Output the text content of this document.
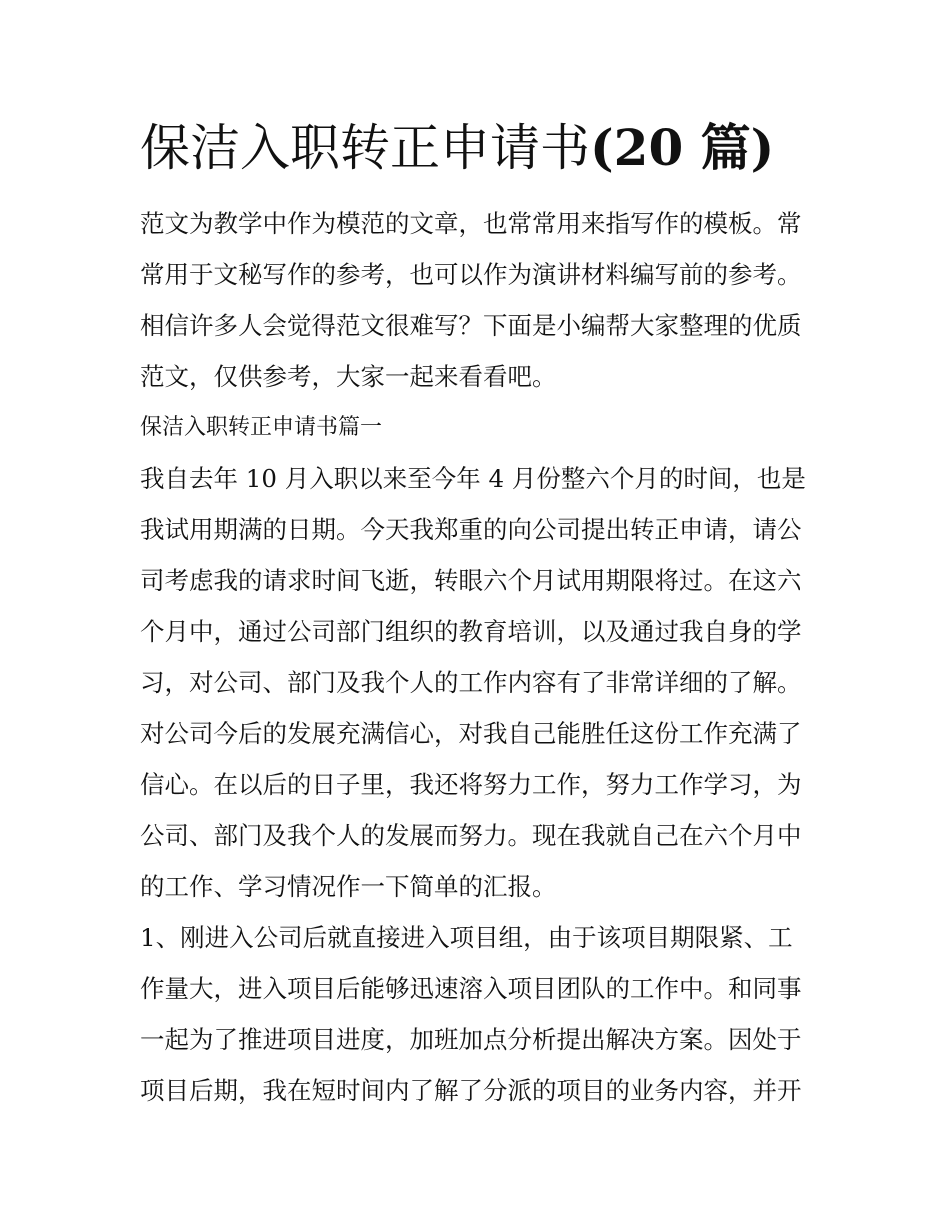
保洁入职转正申请书(20 篇)
范文为教学中作为模范的文章，也常常用来指写作的模板。常
常用于文秘写作的参考，也可以作为演讲材料编写前的参考。
相信许多人会觉得范文很难写？下面是小编帮大家整理的优质
范文，仅供参考，大家一起来看看吧。
保洁入职转正申请书篇一
我自去年 10 月入职以来至今年 4 月份整六个月的时间，也是
我试用期满的日期。今天我郑重的向公司提出转正申请，请公
司考虑我的请求时间飞逝，转眼六个月试用期限将过。在这六
个月中，通过公司部门组织的教育培训，以及通过我自身的学
习，对公司、部门及我个人的工作内容有了非常详细的了解。
对公司今后的发展充满信心，对我自己能胜任这份工作充满了
信心。在以后的日子里，我还将努力工作，努力工作学习，为
公司、部门及我个人的发展而努力。现在我就自己在六个月中
的工作、学习情况作一下简单的汇报。
1、刚进入公司后就直接进入项目组，由于该项目期限紧、工
作量大，进入项目后能够迅速溶入项目团队的工作中。和同事
一起为了推进项目进度，加班加点分析提出解决方案。因处于
项目后期，我在短时间内了解了分派的项目的业务内容，并开
